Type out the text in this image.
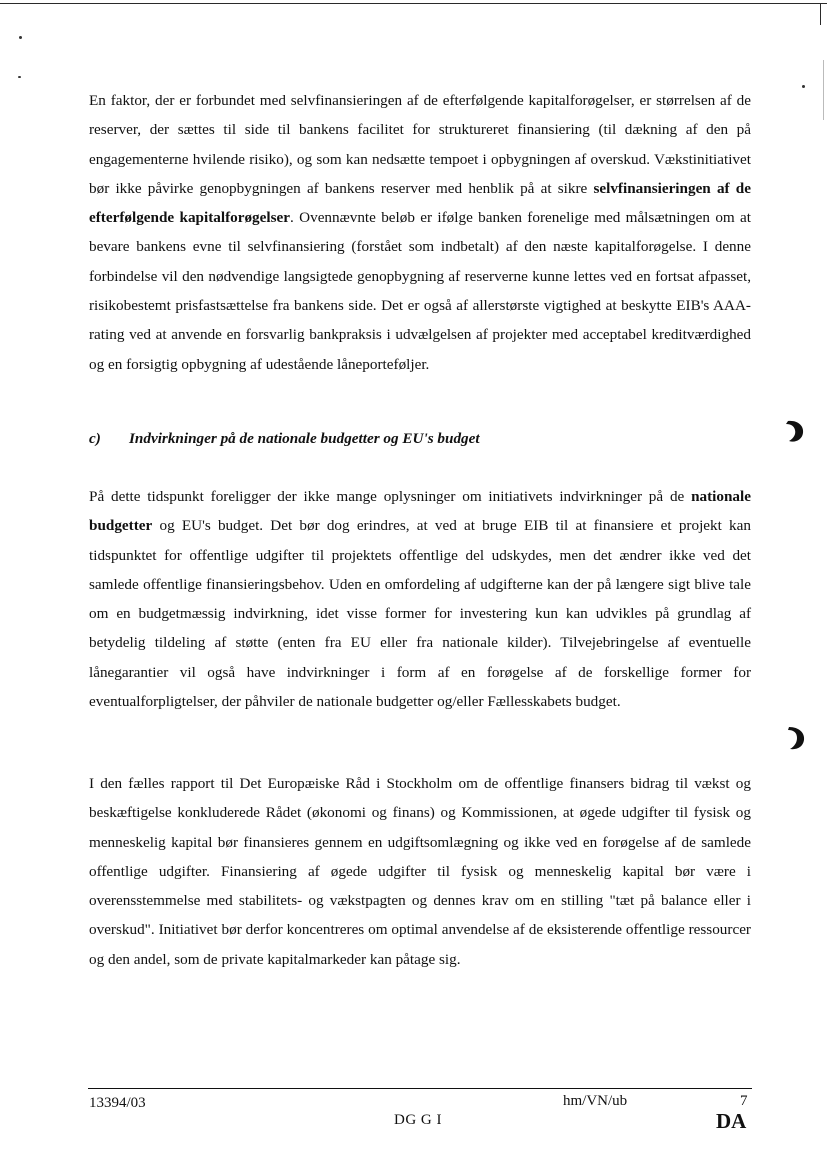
En faktor, der er forbundet med selvfinansieringen af de efterfølgende kapitalforøgelser, er størrelsen af de reserver, der sættes til side til bankens facilitet for struktureret finansiering (til dækning af den på engagementerne hvilende risiko), og som kan nedsætte tempoet i opbygningen af overskud. Vækstinitiativet bør ikke påvirke genopbygningen af bankens reserver med henblik på at sikre selvfinansieringen af de efterfølgende kapitalforøgelser. Ovennævnte beløb er ifølge banken forenelige med målsætningen om at bevare bankens evne til selvfinansiering (forstået som indbetalt) af den næste kapitalforøgelse. I denne forbindelse vil den nødvendige langsigtede genopbygning af reserverne kunne lettes ved en fortsat afpasset, risikobestemt prisfastsættelse fra bankens side. Det er også af allerstørste vigtighed at beskytte EIB's AAA-rating ved at anvende en forsvarlig bankpraksis i udvælgelsen af projekter med acceptabel kreditværdighed og en forsigtig opbygning af udestående låneporteføljer.

c) Indvirkninger på de nationale budgetter og EU's budget
På dette tidspunkt foreligger der ikke mange oplysninger om initiativets indvirkninger på de nationale budgetter og EU's budget. Det bør dog erindres, at ved at bruge EIB til at finansiere et projekt kan tidspunktet for offentlige udgifter til projektets offentlige del udskydes, men det ændrer ikke ved det samlede offentlige finansieringsbehov. Uden en omfordeling af udgifterne kan der på længere sigt blive tale om en budgetmæssig indvirkning, idet visse former for investering kun kan udvikles på grundlag af betydelig tildeling af støtte (enten fra EU eller fra nationale kilder). Tilvejebringelse af eventuelle lånegarantier vil også have indvirkninger i form af en forøgelse af de forskellige former for eventualforpligtelser, der påhviler de nationale budgetter og/eller Fællesskabets budget.
I den fælles rapport til Det Europæiske Råd i Stockholm om de offentlige finansers bidrag til vækst og beskæftigelse konkluderede Rådet (økonomi og finans) og Kommissionen, at øgede udgifter til fysisk og menneskelig kapital bør finansieres gennem en udgiftsomlægning og ikke ved en forøgelse af de samlede offentlige udgifter. Finansiering af øgede udgifter til fysisk og menneskelig kapital bør være i overensstemmelse med stabilitets- og vækstpagten og dennes krav om en stilling "tæt på balance eller i overskud". Initiativet bør derfor koncentreres om optimal anvendelse af de eksisterende offentlige ressourcer og den andel, som de private kapitalmarkeder kan påtage sig.
13394/03	hm/VN/ub	7
DG G I	DA
